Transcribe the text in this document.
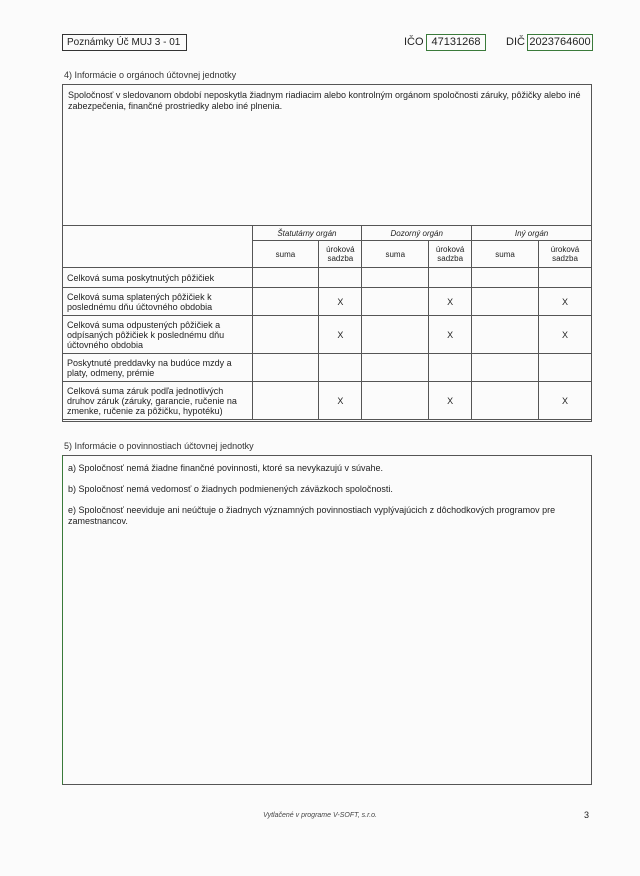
Poznámky Úč MUJ 3 - 01	IČO 47131268	DIČ 2023764600
4) Informácie o orgánoch účtovnej jednotky
Spoločnosť v sledovanom období neposkytla žiadnym riadiacim alebo kontrolným orgánom spoločnosti záruky, pôžičky alebo iné zabezpečenia, finančné prostriedky alebo iné plnenia.
	Štatutárny orgán		Dozorný orgán		Iný orgán	
	suma	úroková sadzba	suma	úroková sadzba	suma	úroková sadzba
Celková suma poskytnutých pôžičiek						
Celková suma splatených pôžičiek k poslednému dňu účtovného obdobia		X		X		X
Celková suma odpustených pôžičiek a odpísaných pôžičiek k poslednému dňu účtovného obdobia		X		X		X
Poskytnuté preddavky na budúce mzdy a platy, odmeny, prémie						
Celková suma záruk podľa jednotlivých druhov záruk (záruky, garancie, ručenie na zmenke, ručenie za pôžičku, hypotéku)		X		X		X
5) Informácie o povinnostiach účtovnej jednotky
a) Spoločnosť nemá žiadne finančné povinnosti, ktoré sa nevykazujú v súvahe.
b) Spoločnosť nemá vedomosť o žiadnych podmienených záväzkoch spoločnosti.
e) Spoločnosť neeviduje ani neúčtuje o žiadnych významných povinnostiach vyplývajúcich z dôchodkových programov pre zamestnancov.
Vytlačené v programe V-SOFT, s.r.o.	3
